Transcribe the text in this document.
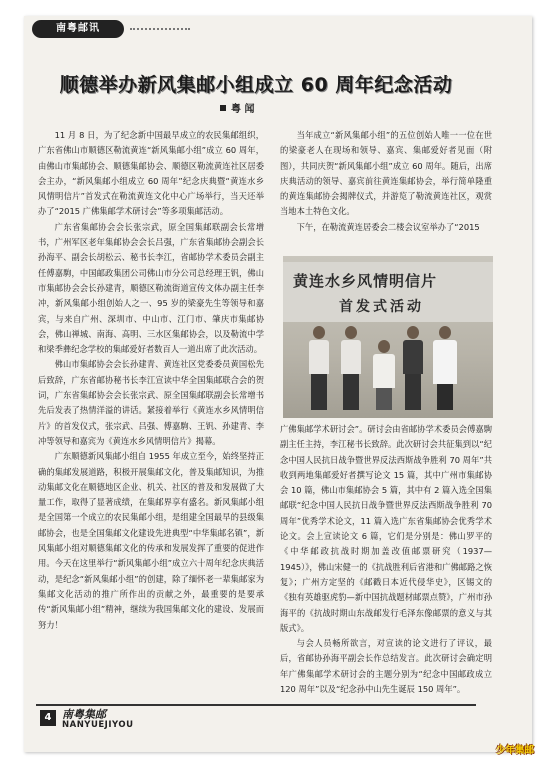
南粤邮讯
顺德举办新风集邮小组成立 60 周年纪念活动
粤 闻

11 月 8 日，为了纪念新中国最早成立的农民集邮组织，广东省佛山市顺德区勒流黄连“新风集邮小组”成立 60 周年，由佛山市集邮协会、顺德集邮协会、顺德区勒流黄连社区居委会主办，“新风集邮小组成立 60 周年”纪念庆典暨“黄连水乡风情明信片”首发式在勒流黄连文化中心广场举行，当天还举办了“2015 广佛集邮学术研讨会”等多项集邮活动。

广东省集邮协会会长张宗武，原全国集邮联副会长常增书，广州军区老年集邮协会会长吕强，广东省集邮协会副会长孙海平、副会长胡松云、秘书长李江，省邮协学术委员会副主任傅嘉駒，中国邮政集团公司佛山市分公司总经理王钒，佛山市集邮协会会长孙建青，顺德区勒流街道宣传文体办副主任李冲，新风集邮小组创始人之一、95 岁的梁豪先生等领导和嘉宾，与来自广州、深圳市、中山市、江门市、肇庆市集邮协会，佛山禅城、南海、高明、三水区集邮协会，以及勒流中学和梁季彝纪念学校的集邮爱好者数百人一道出席了此次活动。

佛山市集邮协会会长孙建青、黄连社区党委委员黄国松先后致辞，广东省邮协秘书长李江宣读中华全国集邮联合会的贺词，广东省集邮协会会长张宗武、原全国集邮联副会长常增书先后发表了热情洋溢的讲话。紧接着举行《黄连水乡风情明信片》的首发仪式，张宗武、吕强、傅嘉駒、王钒、孙建青、李冲等领导和嘉宾为《黄连水乡风情明信片》揭幕。

广东顺德新风集邮小组自 1955 年成立至今，始终坚持正确的集邮发展道路，积极开展集邮文化，普及集邮知识，为推动集邮文化在顺德地区企业、机关、社区的普及和发展做了大量工作，取得了显著成绩，在集邮界享有盛名。新风集邮小组是全国第一个成立的农民集邮小组，是组建全国最早的县级集邮协会，也是全国集邮文化建设先进典型“中华集邮名镇”，新风集邮小组对顺德集邮文化的传承和发展发挥了重要的促进作用。今天在这里举行“新风集邮小组”成立六十周年纪念庆典活动，是纪念“新风集邮小组”的创建，除了缅怀老一辈集邮家为集邮文化活动的推广所作出的贡献之外，最重要的是要承传“新风集邮小组”精神，继续为我国集邮文化的建设、发展而努力！

当年成立“新风集邮小组”的五位创始人唯一一位在世的梁豪老人在现场和领导、嘉宾、集邮爱好者见面（附图），共同庆贺“新风集邮小组”成立 60 周年。随后，出席庆典活动的领导、嘉宾前往黄连集邮协会，举行简单隆重的黄连集邮协会揭牌仪式，并游览了勒流黄连社区，观赏当地本土特色文化。

下午，在勒流黄连居委会二楼会议室举办了“2015

黄连水乡风情明信片
首发式活动

广佛集邮学术研讨会”。研讨会由省邮协学术委员会傅嘉駒副主任主持，李江秘书长致辞。此次研讨会共征集到以“纪念中国人民抗日战争暨世界反法西斯战争胜利 70 周年”共收到两地集邮爱好者撰写论文 15 篇，其中广州市集邮协会 10 篇，佛山市集邮协会 5 篇，其中有 2 篇入选全国集邮联“纪念中国人民抗日战争暨世界反法西斯战争胜利 70 周年”优秀学术论文，11 篇入选广东省集邮协会优秀学术论文。会上宣读论文 6 篇，它们是分别是：佛山罗平的《中华邮政抗战时期加盖改值邮票研究（1937—1945）》，佛山宋健一的《抗战胜利后省港和广佛邮路之恢复》；广州方定坚的《邮戳日本近代侵华史》，区锡文的《独有英雄驱虎豹—新中国抗战题材邮票点赞》，广州市孙海平的《抗战时期山东战邮发行毛泽东像邮票的意义与其版式》。

与会人员畅所欲言，对宣读的论文进行了评议，最后，省邮协孙海平副会长作总结发言。此次研讨会确定明年广佛集邮学术研讨会的主题分别为“纪念中国邮政成立 120 周年”以及“纪念孙中山先生诞辰 150 周年”。

4 南粤集邮
NANYUEJIYOU
少年集邮
